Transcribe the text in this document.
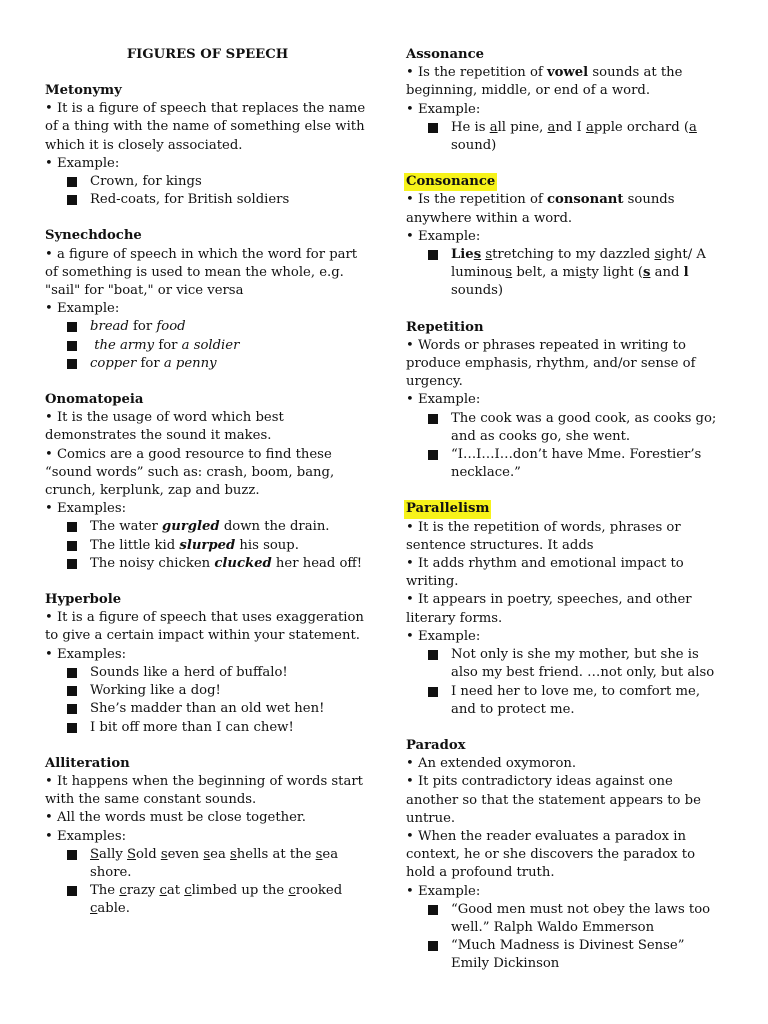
FIGURES OF SPEECH
Metonymy

• It is a figure of speech that replaces the name of a thing with the name of something else with which it is closely associated.

• Example:

Crown, for kings
Red-coats, for British soldiers
Synechdoche

• a figure of speech in which the word for part of something is used to mean the whole, e.g. "sail" for "boat," or vice versa

• Example:

bread for food
the army for a soldier
copper for a penny
Onomatopeia

• It is the usage of word which best demonstrates the sound it makes.

• Comics are a good resource to find these “sound words” such as: crash, boom, bang, crunch, kerplunk, zap and buzz.

• Examples:

The water gurgled down the drain.
The little kid slurped his soup.
The noisy chicken clucked her head off!
Hyperbole

• It is a figure of speech that uses exaggeration to give a certain impact within your statement.

• Examples:

Sounds like a herd of buffalo!
Working like a dog!
She’s madder than an old wet hen!
I bit off more than I can chew!
Alliteration

• It happens when the beginning of words start with the same constant sounds.

• All the words must be close together.

• Examples:

Sally Sold seven sea shells at the sea shore.
The crazy cat climbed up the crooked cable.
Assonance

• Is the repetition of vowel sounds at the beginning, middle, or end of a word.

• Example:

He is all pine, and I apple orchard (a sound)
Consonance

• Is the repetition of consonant sounds anywhere within a word.

• Example:

Lies stretching to my dazzled sight/ A luminous belt, a misty light (s and l sounds)
Repetition

• Words or phrases repeated in writing to produce emphasis, rhythm, and/or sense of urgency.

• Example:

The cook was a good cook, as cooks go; and as cooks go, she went.
“I…I…I…don’t have Mme. Forestier’s necklace.”
Parallelism

• It is the repetition of words, phrases or sentence structures. It adds

• It adds rhythm and emotional impact to writing.

• It appears in poetry, speeches, and other literary forms.

• Example:

Not only is she my mother, but she is also my best friend. …not only, but also
I need her to love me, to comfort me, and to protect me.
Paradox

• An extended oxymoron.

• It pits contradictory ideas against one another so that the statement appears to be untrue.

• When the reader evaluates a paradox in context, he or she discovers the paradox to hold a profound truth.

• Example:

“Good men must not obey the laws too well.” Ralph Waldo Emmerson
“Much Madness is Divinest Sense” Emily Dickinson
